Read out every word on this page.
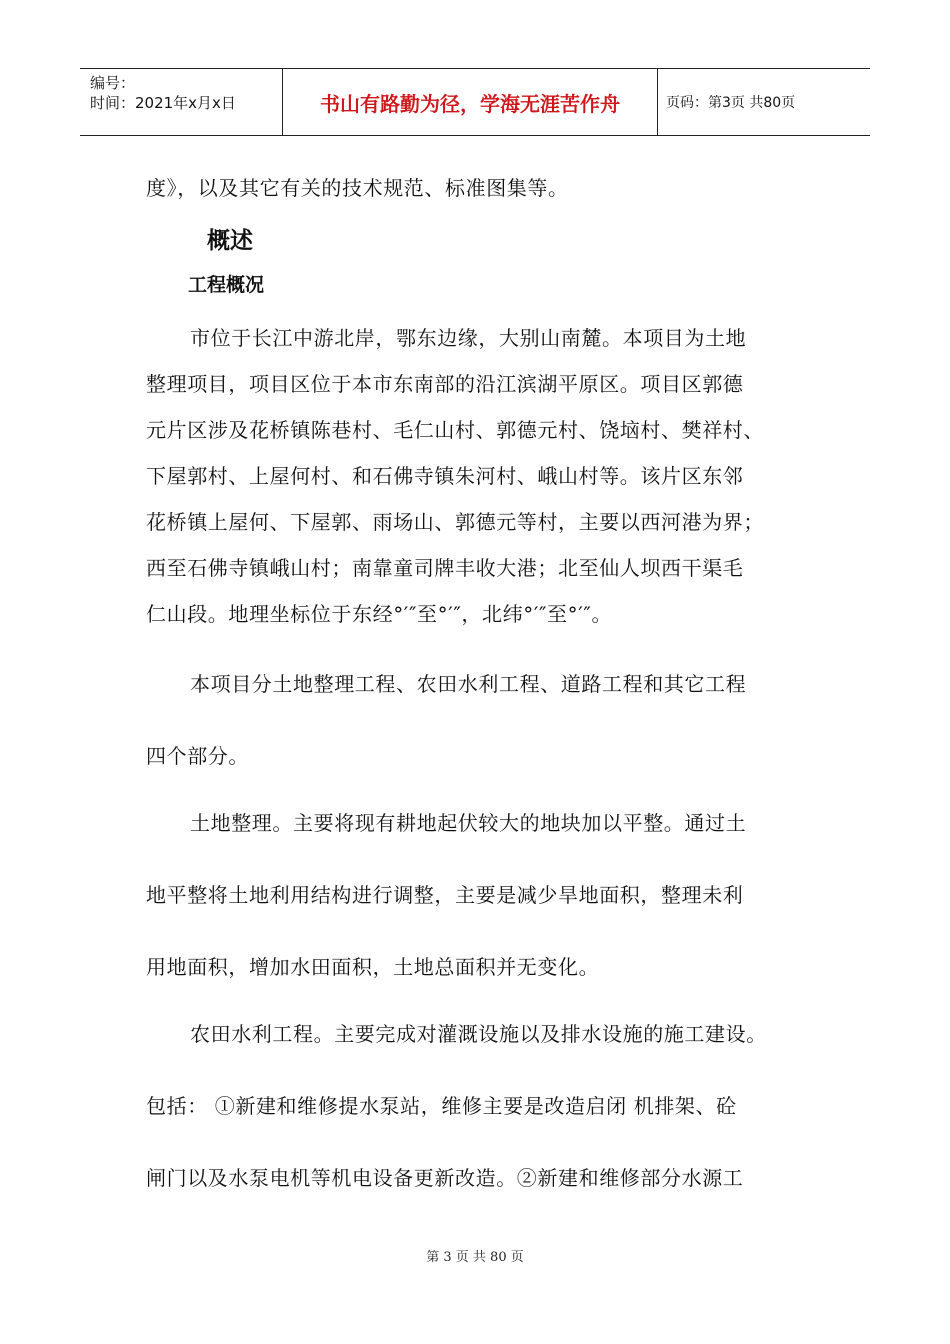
编号：
时间：2021年x月x日	书山有路勤为径，学海无涯苦作舟	页码：第3页 共80页
度》，以及其它有关的技术规范、标准图集等。
概述
工程概况
市位于长江中游北岸，鄂东边缘，大别山南麓。本项目为土地
整理项目，项目区位于本市东南部的沿江滨湖平原区。项目区郭德
元片区涉及花桥镇陈巷村、毛仁山村、郭德元村、饶垴村、樊祥村、
下屋郭村、上屋何村、和石佛寺镇朱河村、峨山村等。该片区东邻
花桥镇上屋何、下屋郭、雨场山、郭德元等村，主要以西河港为界；
西至石佛寺镇峨山村；南靠童司牌丰收大港；北至仙人坝西干渠毛
仁山段。地理坐标位于东经°′″至°′″，北纬°′″至°′″。
本项目分土地整理工程、农田水利工程、道路工程和其它工程
四个部分。
土地整理。主要将现有耕地起伏较大的地块加以平整。通过土
地平整将土地利用结构进行调整，主要是减少旱地面积，整理未利
用地面积，增加水田面积，土地总面积并无变化。
农田水利工程。主要完成对灌溉设施以及排水设施的施工建设。
包括： ①新建和维修提水泵站，维修主要是改造启闭 机排架、砼
闸门以及水泵电机等机电设备更新改造。②新建和维修部分水源工
第 3 页 共 80 页
